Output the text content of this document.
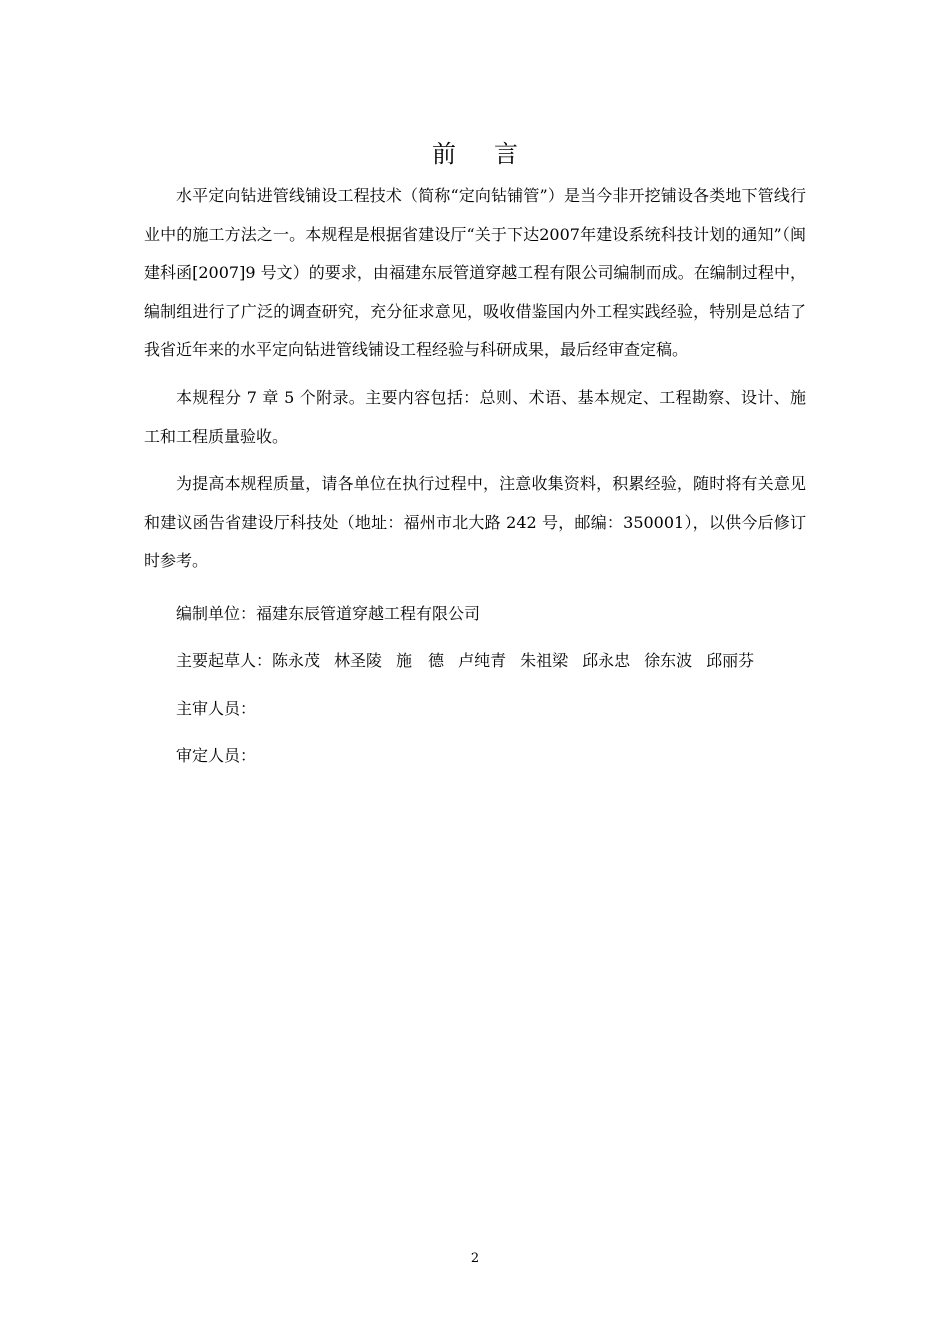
前 言

水平定向钻进管线铺设工程技术（简称“定向钻铺管”）是当今非开挖铺设各类地下管线行业中的施工方法之一。本规程是根据省建设厅“关于下达2007年建设系统科技计划的通知”（闽建科函[2007]9 号文）的要求，由福建东辰管道穿越工程有限公司编制而成。在编制过程中，编制组进行了广泛的调查研究，充分征求意见，吸收借鉴国内外工程实践经验，特别是总结了我省近年来的水平定向钻进管线铺设工程经验与科研成果，最后经审查定稿。

本规程分 7 章 5 个附录。主要内容包括：总则、术语、基本规定、工程勘察、设计、施工和工程质量验收。

为提高本规程质量，请各单位在执行过程中，注意收集资料，积累经验，随时将有关意见和建议函告省建设厅科技处（地址：福州市北大路 242 号，邮编：350001），以供今后修订时参考。

编制单位：福建东辰管道穿越工程有限公司
主要起草人：陈永茂 林圣陵 施　德 卢纯青 朱祖梁 邱永忠 徐东波 邱丽芬
主审人员：
审定人员：
2
